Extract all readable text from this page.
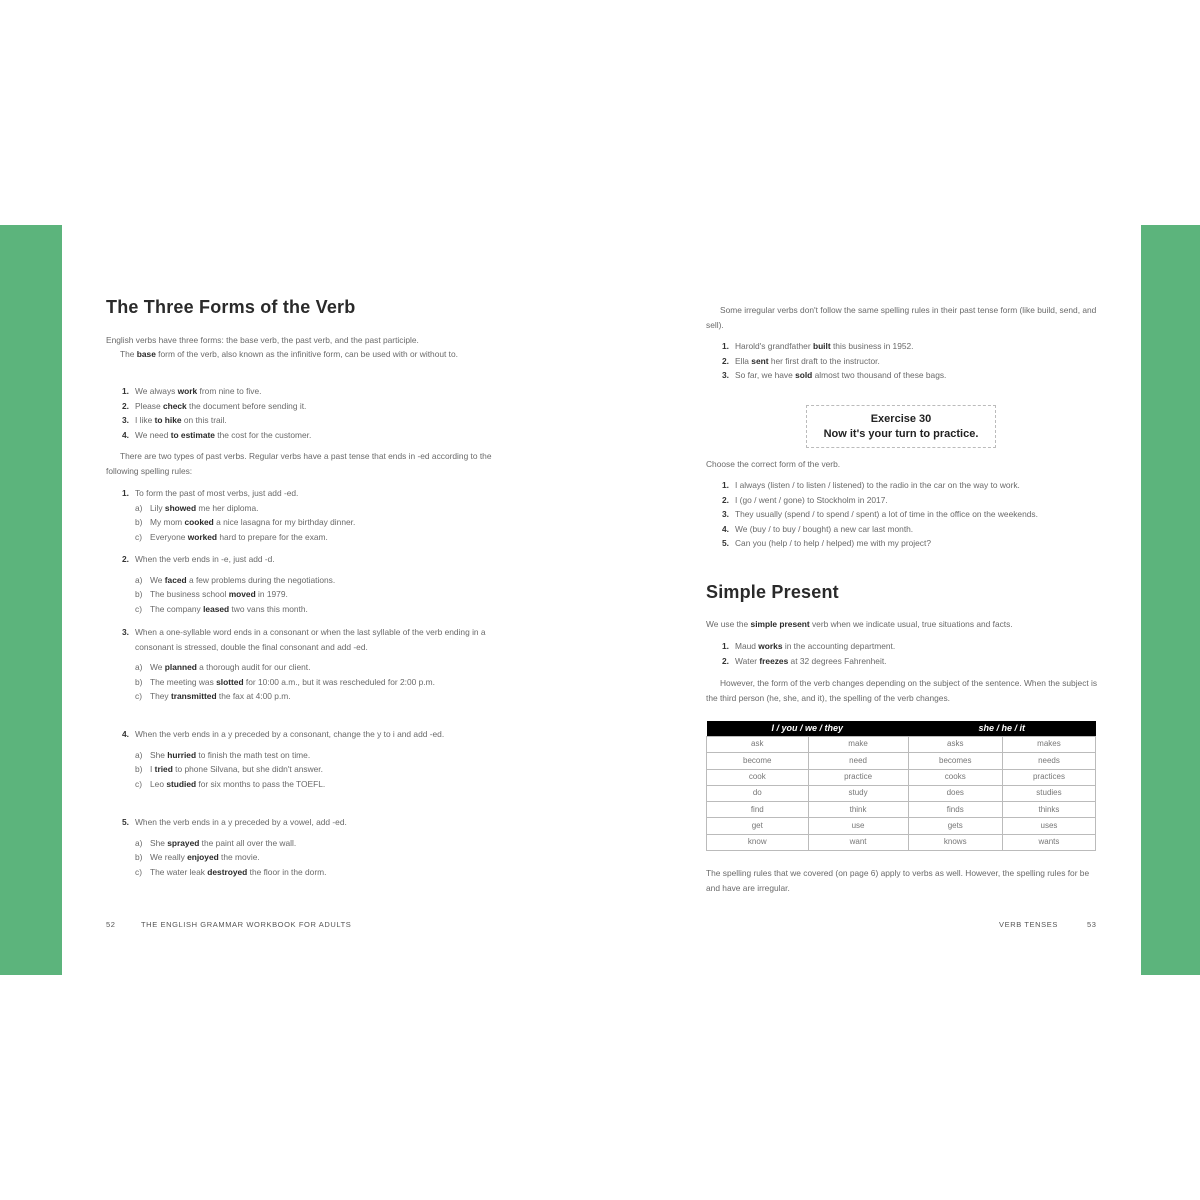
52	THE ENGLISH GRAMMAR WORKBOOK FOR ADULTS
The Three Forms of the Verb
English verbs have three forms: the base verb, the past verb, and the past participle.
The base form of the verb, also known as the infinitive form, can be used with or without to.
1. We always work from nine to five.
2. Please check the document before sending it.
3. I like to hike on this trail.
4. We need to estimate the cost for the customer.
There are two types of past verbs. Regular verbs have a past tense that ends in -ed according to the following spelling rules:
1. To form the past of most verbs, just add -ed.
a) Lily showed me her diploma.
b) My mom cooked a nice lasagna for my birthday dinner.
c) Everyone worked hard to prepare for the exam.
2. When the verb ends in -e, just add -d.
a) We faced a few problems during the negotiations.
b) The business school moved in 1979.
c) The company leased two vans this month.
3. When a one-syllable word ends in a consonant or when the last syllable of the verb ending in a consonant is stressed, double the final consonant and add -ed.
a) We planned a thorough audit for our client.
b) The meeting was slotted for 10:00 a.m., but it was rescheduled for 2:00 p.m.
c) They transmitted the fax at 4:00 p.m.
4. When the verb ends in a y preceded by a consonant, change the y to i and add -ed.
a) She hurried to finish the math test on time.
b) I tried to phone Silvana, but she didn't answer.
c) Leo studied for six months to pass the TOEFL.
5. When the verb ends in a y preceded by a vowel, add -ed.
a) She sprayed the paint all over the wall.
b) We really enjoyed the movie.
c) The water leak destroyed the floor in the dorm.
VERB TENSES	53
Some irregular verbs don't follow the same spelling rules in their past tense form (like build, send, and sell).
1. Harold's grandfather built this business in 1952.
2. Ella sent her first draft to the instructor.
3. So far, we have sold almost two thousand of these bags.
Exercise 30
Now it's your turn to practice.
Choose the correct form of the verb.
1. I always (listen / to listen / listened) to the radio in the car on the way to work.
2. I (go / went / gone) to Stockholm in 2017.
3. They usually (spend / to spend / spent) a lot of time in the office on the weekends.
4. We (buy / to buy / bought) a new car last month.
5. Can you (help / to help / helped) me with my project?
Simple Present
We use the simple present verb when we indicate usual, true situations and facts.
1. Maud works in the accounting department.
2. Water freezes at 32 degrees Fahrenheit.
However, the form of the verb changes depending on the subject of the sentence. When the subject is the third person (he, she, and it), the spelling of the verb changes.
I / you / we / they		she / he / it	
ask	make	asks	makes
become	need	becomes	needs
cook	practice	cooks	practices
do	study	does	studies
find	think	finds	thinks
get	use	gets	uses
know	want	knows	wants
The spelling rules that we covered (on page 6) apply to verbs as well. However, the spelling rules for be and have are irregular.
